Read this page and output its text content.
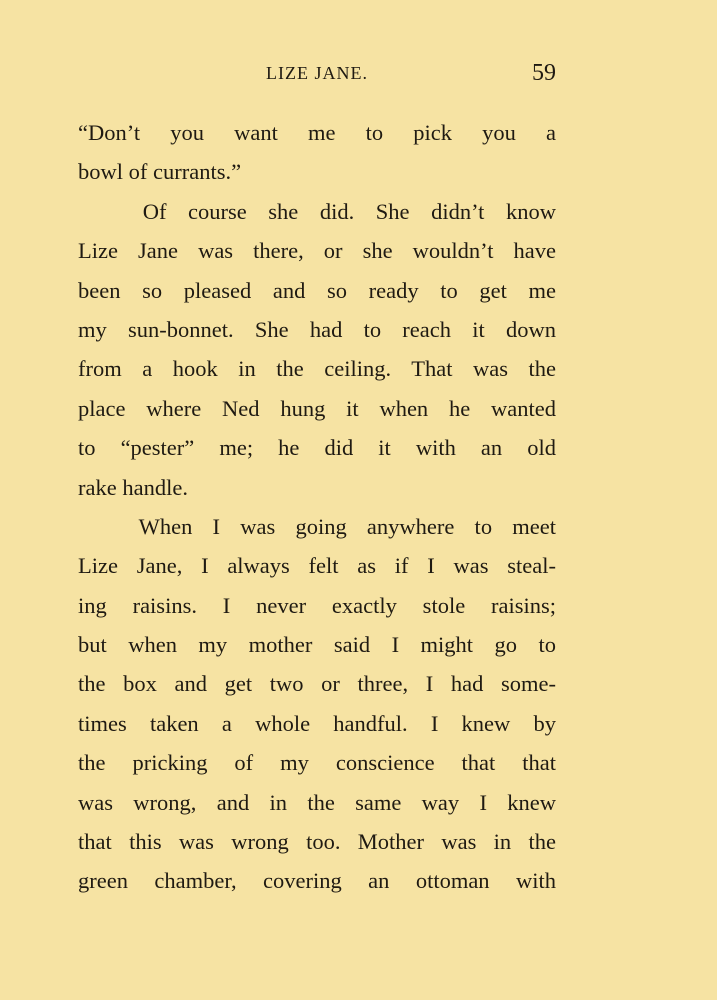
LIZE JANE.	59
“Don’t you want me to pick you a
bowl of currants.”
Of course she did. She didn’t know
Lize Jane was there, or she wouldn’t have
been so pleased and so ready to get me
my sun-bonnet. She had to reach it down
from a hook in the ceiling. That was the
place where Ned hung it when he wanted
to “pester” me; he did it with an old
rake handle.
When I was going anywhere to meet
Lize Jane, I always felt as if I was steal-
ing raisins. I never exactly stole raisins;
but when my mother said I might go to
the box and get two or three, I had some-
times taken a whole handful. I knew by
the pricking of my conscience that that
was wrong, and in the same way I knew
that this was wrong too. Mother was in the
green chamber, covering an ottoman with
